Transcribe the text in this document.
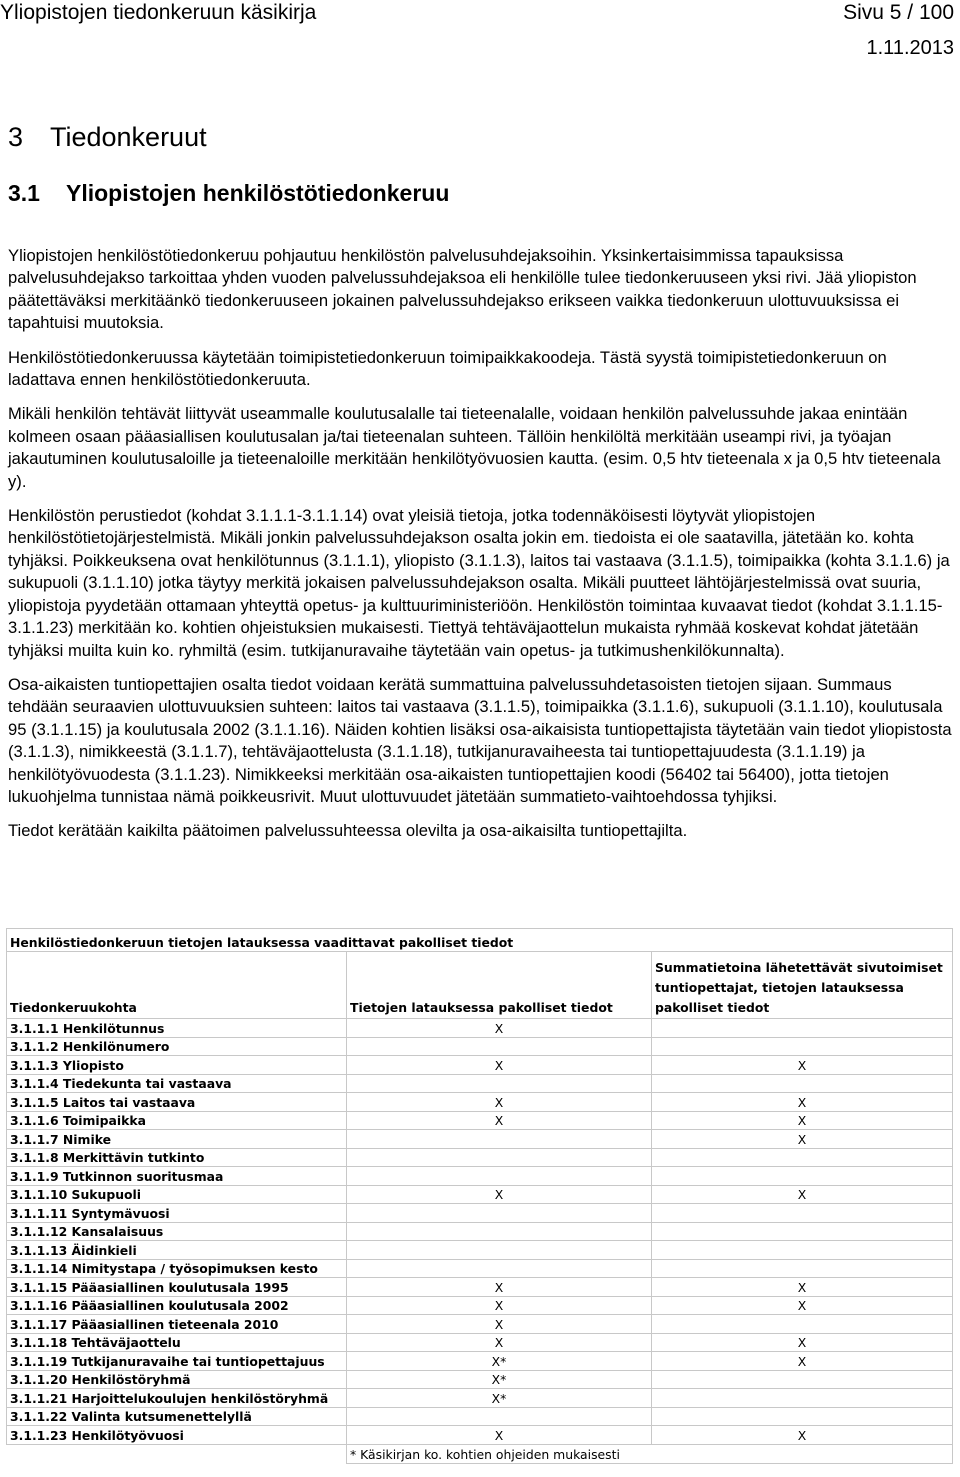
Yliopistojen tiedonkeruun käsikirja	Sivu 5 / 100
1.11.2013
3 Tiedonkeruut
3.1 Yliopistojen henkilöstötiedonkeruu

Yliopistojen henkilöstötiedonkeruu pohjautuu henkilöstön palvelusuhdejaksoihin. Yksinkertaisimmissa tapauksissa palvelusuhdejakso tarkoittaa yhden vuoden palvelussuhdejaksoa eli henkilölle tulee tiedonkeruuseen yksi rivi. Jää yliopiston päätettäväksi merkitäänkö tiedonkeruuseen jokainen palvelussuhdejakso erikseen vaikka tiedonkeruun ulottuvuuksissa ei tapahtuisi muutoksia.

Henkilöstötiedonkeruussa käytetään toimipistetiedonkeruun toimipaikkakoodeja. Tästä syystä toimipistetiedonkeruun on ladattava ennen henkilöstötiedonkeruuta.

Mikäli henkilön tehtävät liittyvät useammalle koulutusalalle tai tieteenalalle, voidaan henkilön palvelussuhde jakaa enintään kolmeen osaan pääasiallisen koulutusalan ja/tai tieteenalan suhteen. Tällöin henkilöltä merkitään useampi rivi, ja työajan jakautuminen koulutusaloille ja tieteenaloille merkitään henkilötyövuosien kautta. (esim. 0,5 htv tieteenala x ja 0,5 htv tieteenala y).

Henkilöstön perustiedot (kohdat 3.1.1.1-3.1.1.14) ovat yleisiä tietoja, jotka todennäköisesti löytyvät yliopistojen henkilöstötietojärjestelmistä. Mikäli jonkin palvelussuhdejakson osalta jokin em. tiedoista ei ole saatavilla, jätetään ko. kohta tyhjäksi. Poikkeuksena ovat henkilötunnus (3.1.1.1), yliopisto (3.1.1.3), laitos tai vastaava (3.1.1.5), toimipaikka (kohta 3.1.1.6) ja sukupuoli (3.1.1.10) jotka täytyy merkitä jokaisen palvelussuhdejakson osalta. Mikäli puutteet lähtöjärjestelmissä ovat suuria, yliopistoja pyydetään ottamaan yhteyttä opetus- ja kulttuuriministeriöön. Henkilöstön toimintaa kuvaavat tiedot (kohdat 3.1.1.15-3.1.1.23) merkitään ko. kohtien ohjeistuksien mukaisesti. Tiettyä tehtäväjaottelun mukaista ryhmää koskevat kohdat jätetään tyhjäksi muilta kuin ko. ryhmiltä (esim. tutkijanuravaihe täytetään vain opetus- ja tutkimushenkilökunnalta).

Osa-aikaisten tuntiopettajien osalta tiedot voidaan kerätä summattuina palvelussuhdetasoisten tietojen sijaan. Summaus tehdään seuraavien ulottuvuuksien suhteen: laitos tai vastaava (3.1.1.5), toimipaikka (3.1.1.6), sukupuoli (3.1.1.10), koulutusala 95 (3.1.1.15) ja koulutusala 2002 (3.1.1.16). Näiden kohtien lisäksi osa-aikaisista tuntiopettajista täytetään vain tiedot yliopistosta (3.1.1.3), nimikkeestä (3.1.1.7), tehtäväjaottelusta (3.1.1.18), tutkijanuravaiheesta tai tuntiopettajuudesta (3.1.1.19) ja henkilötyövuodesta (3.1.1.23). Nimikkeeksi merkitään osa-aikaisten tuntiopettajien koodi (56402 tai 56400), jotta tietojen lukuohjelma tunnistaa nämä poikkeusrivit. Muut ulottuvuudet jätetään summatieto-vaihtoehdossa tyhjiksi.

Tiedot kerätään kaikilta päätoimen palvelussuhteessa olevilta ja osa-aikaisilta tuntiopettajilta.

Henkilöstiedonkeruun tietojen latauksessa vaadittavat pakolliset tiedot		
Tiedonkeruukohta	Tietojen latauksessa pakolliset tiedot	Summatietoina lähetettävät sivutoimiset tuntiopettajat, tietojen latauksessa pakolliset tiedot
3.1.1.1 Henkilötunnus	X	
3.1.1.2 Henkilönumero		
3.1.1.3 Yliopisto	X	X
3.1.1.4 Tiedekunta tai vastaava		
3.1.1.5 Laitos tai vastaava	X	X
3.1.1.6 Toimipaikka	X	X
3.1.1.7 Nimike		X
3.1.1.8 Merkittävin tutkinto		
3.1.1.9 Tutkinnon suoritusmaa		
3.1.1.10 Sukupuoli	X	X
3.1.1.11 Syntymävuosi		
3.1.1.12 Kansalaisuus		
3.1.1.13 Äidinkieli		
3.1.1.14 Nimitystapa / työsopimuksen kesto		
3.1.1.15 Pääasiallinen koulutusala 1995	X	X
3.1.1.16 Pääasiallinen koulutusala 2002	X	X
3.1.1.17 Pääasiallinen tieteenala 2010	X	
3.1.1.18 Tehtäväjaottelu	X	X
3.1.1.19 Tutkijanuravaihe tai tuntiopettajuus	X*	X
3.1.1.20 Henkilöstöryhmä	X*	
3.1.1.21 Harjoittelukoulujen henkilöstöryhmä	X*	
3.1.1.22 Valinta kutsumenettelyllä		
3.1.1.23 Henkilötyövuosi	X	X
	* Käsikirjan ko. kohtien ohjeiden mukaisesti	
